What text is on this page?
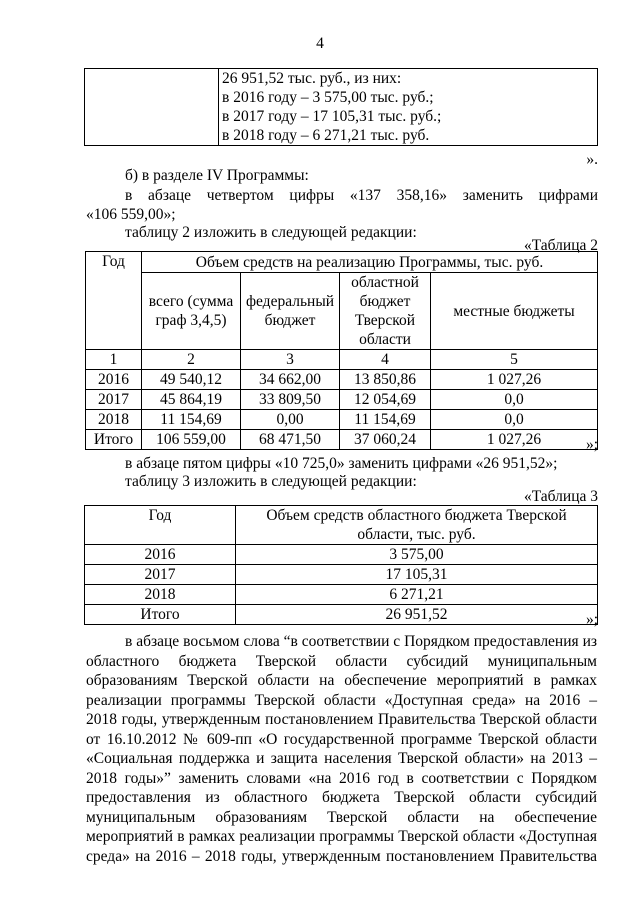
4

26 951,52 тыс. руб., из них:
в 2016 году – 3 575,00 тыс. руб.;
в 2017 году – 17 105,31 тыс. руб.;
в 2018 году – 6 271,21 тыс. руб.
».
б) в разделе IV Программы:
в абзаце четвертом цифры «137 358,16» заменить цифрами
«106 559,00»;
таблицу 2 изложить в следующей редакции:
«Таблица 2
Год	Объем средств на реализацию Программы, тыс. руб.			
	всего (сумма граф 3,4,5)	федеральный бюджет	областной бюджет Тверской области	местные бюджеты
1	2	3	4	5
2016	49 540,12	34 662,00	13 850,86	1 027,26
2017	45 864,19	33 809,50	12 054,69	0,0
2018	11 154,69	0,00	11 154,69	0,0
Итого	106 559,00	68 471,50	37 060,24	1 027,26	»;
в абзаце пятом цифры «10 725,0» заменить цифрами «26 951,52»;
таблицу 3 изложить в следующей редакции:
«Таблица 3
Год	Объем средств областного бюджета Тверской области, тыс. руб.
2016	3 575,00
2017	17 105,31
2018	6 271,21
Итого	26 951,52	»;
в абзаце восьмом слова “в соответствии с Порядком предоставления из
областного бюджета Тверской области субсидий муниципальным
образованиям Тверской области на обеспечение мероприятий в рамках
реализации программы Тверской области «Доступная среда» на 2016 –
2018 годы, утвержденным постановлением Правительства Тверской области
от 16.10.2012 № 609-пп «О государственной программе Тверской области
«Социальная поддержка и защита населения Тверской области» на 2013 –
2018 годы»” заменить словами «на 2016 год в соответствии с Порядком
предоставления из областного бюджета Тверской области субсидий
муниципальным образованиям Тверской области на обеспечение
мероприятий в рамках реализации программы Тверской области «Доступная
среда» на 2016 – 2018 годы, утвержденным постановлением Правительства
